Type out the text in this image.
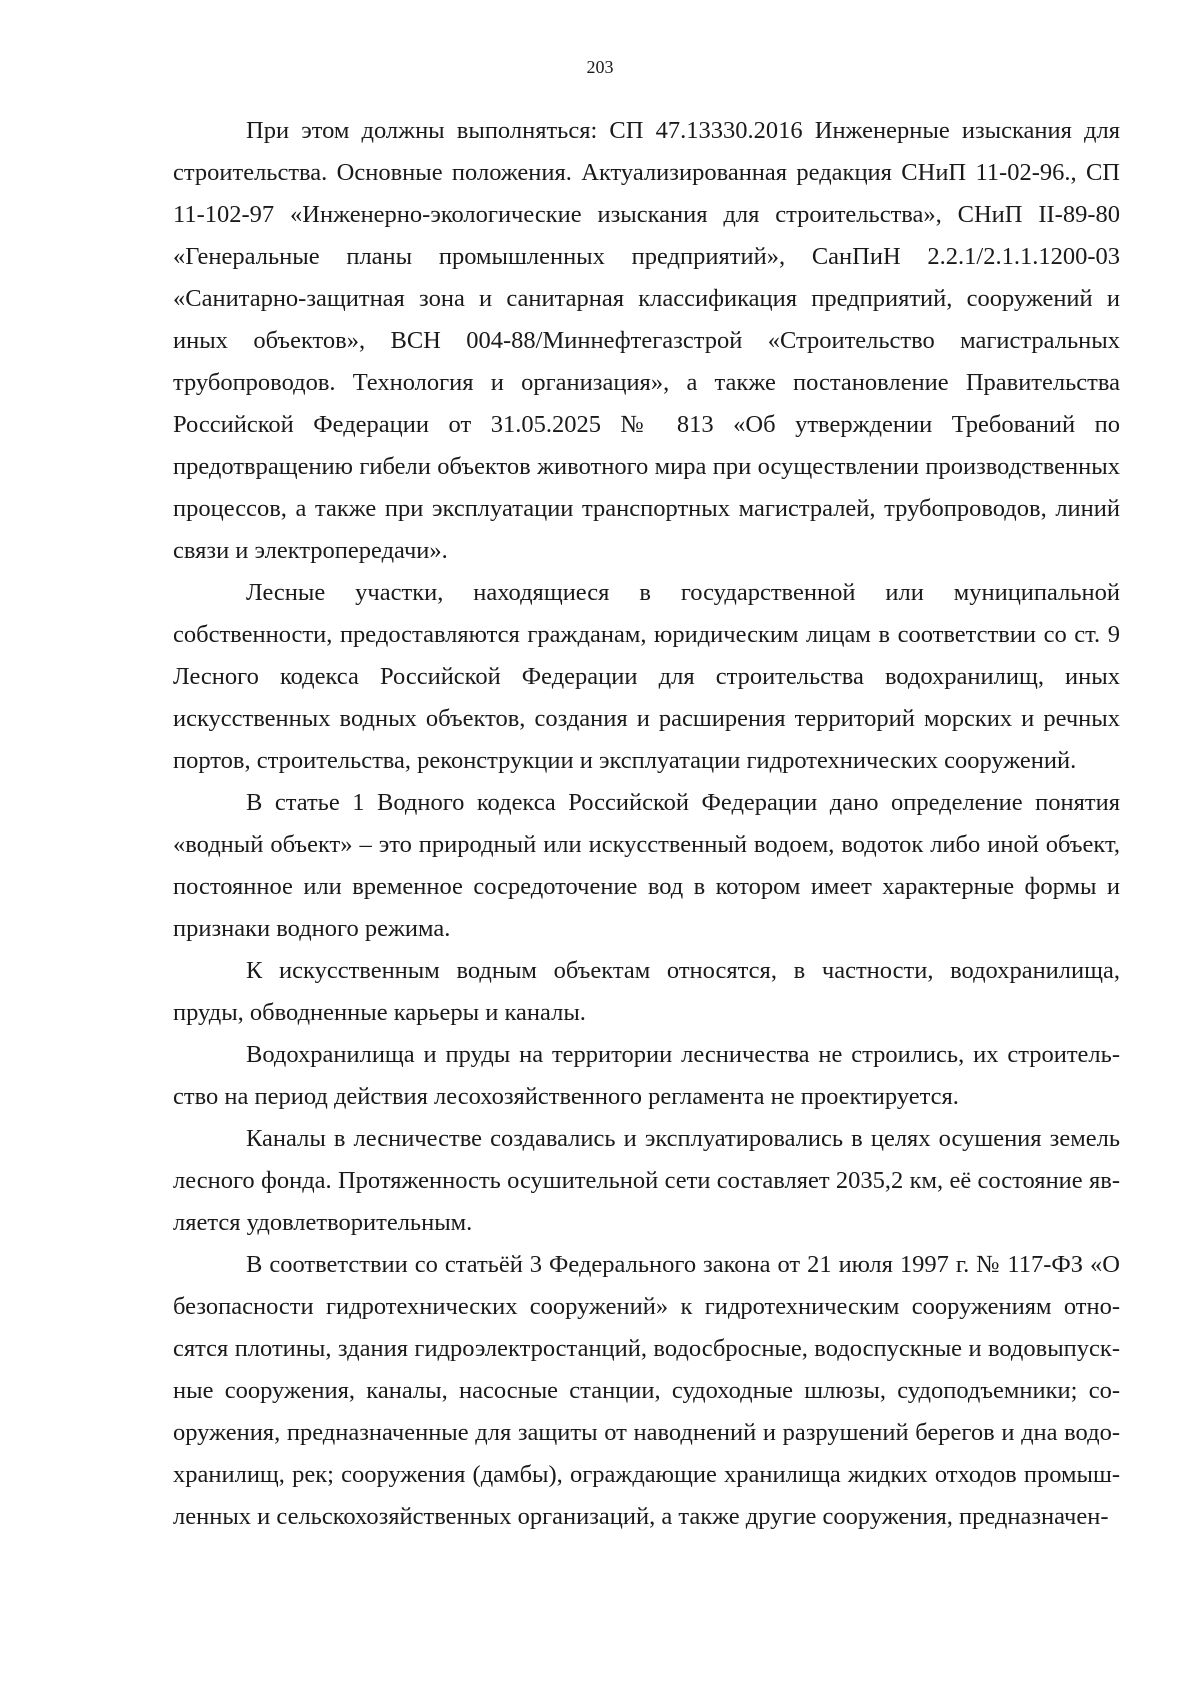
203

При этом должны выполняться: СП 47.13330.2016 Инженерные изыскания для строительства. Основные положения. Актуализированная редакция СНиП 11-02-96., СП 11-102-97 «Инженерно-экологические изыскания для строительства», СНиП II-89-80 «Генеральные планы промышленных предприятий», СанПиН 2.2.1/2.1.1.1200-03 «Санитарно-защитная зона и санитарная классификация предприятий, сооружений и иных объектов», ВСН 004-88/Миннефтегазстрой «Строительство магистральных трубопроводов. Технология и организация», а также постановление Правительства Российской Федерации от 31.05.2025 № 813 «Об утверждении Требований по предотвращению гибели объектов животного мира при осуществлении производственных процессов, а также при эксплуатации транспортных магистралей, трубопроводов, линий связи и электропередачи».

Лесные участки, находящиеся в государственной или муниципальной собственности, предоставляются гражданам, юридическим лицам в соответствии со ст. 9 Лесного кодекса Российской Федерации для строительства водохранилищ, иных искусственных водных объектов, создания и расширения территорий морских и речных портов, строительства, реконструкции и эксплуатации гидротехнических сооружений.

В статье 1 Водного кодекса Российской Федерации дано определение понятия «водный объект» – это природный или искусственный водоем, водоток либо иной объект, постоянное или временное сосредоточение вод в котором имеет характерные формы и признаки водного режима.

К искусственным водным объектам относятся, в частности, водохранилища, пруды, обводненные карьеры и каналы.

Водохранилища и пруды на территории лесничества не строились, их строительство на период действия лесохозяйственного регламента не проектируется.

Каналы в лесничестве создавались и эксплуатировались в целях осушения земель лесного фонда. Протяженность осушительной сети составляет 2035,2 км, её состояние является удовлетворительным.

В соответствии со статьёй 3 Федерального закона от 21 июля 1997 г. № 117-ФЗ «О безопасности гидротехнических сооружений» к гидротехническим сооружениям относятся плотины, здания гидроэлектростанций, водосбросные, водоспускные и водовыпускные сооружения, каналы, насосные станции, судоходные шлюзы, судоподъемники; сооружения, предназначенные для защиты от наводнений и разрушений берегов и дна водохранилищ, рек; сооружения (дамбы), ограждающие хранилища жидких отходов промышленных и сельскохозяйственных организаций, а также другие сооружения, предназначен-
